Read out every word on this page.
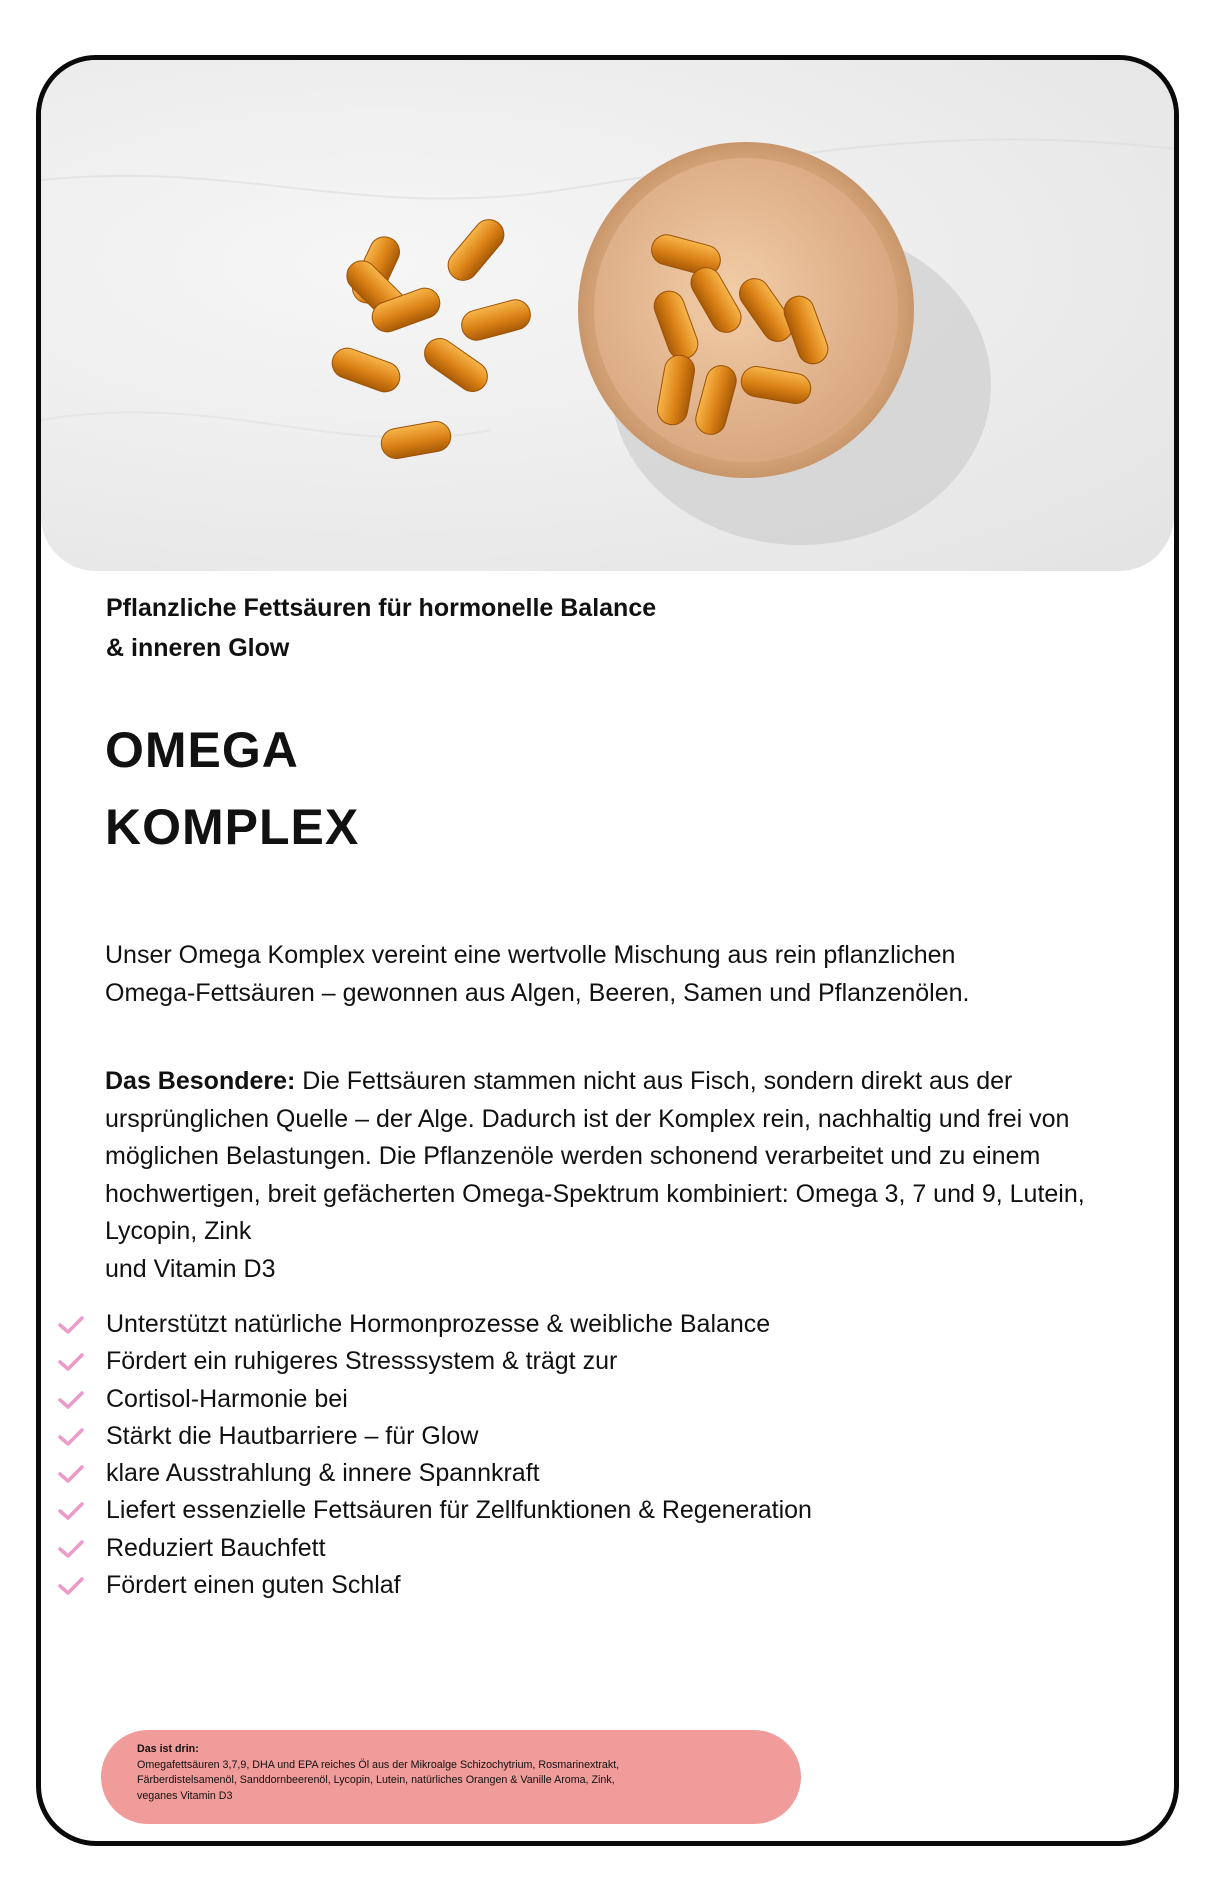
Pflanzliche Fettsäuren für hormonelle Balance
& inneren Glow
OMEGA
KOMPLEX
Unser Omega Komplex vereint eine wertvolle Mischung aus rein pflanzlichen
Omega-Fettsäuren – gewonnen aus Algen, Beeren, Samen und Pflanzenölen.
Das Besondere: Die Fettsäuren stammen nicht aus Fisch, sondern direkt aus der ursprünglichen Quelle – der Alge. Dadurch ist der Komplex rein, nachhaltig und frei von möglichen Belastungen. Die Pflanzenöle werden schonend verarbeitet und zu einem hochwertigen, breit gefächerten Omega-Spektrum kombiniert: Omega 3, 7 und 9, Lutein, Lycopin, Zink
und Vitamin D3
Unterstützt natürliche Hormonprozesse & weibliche Balance
Fördert ein ruhigeres Stresssystem & trägt zur
Cortisol-Harmonie bei
Stärkt die Hautbarriere – für Glow
klare Ausstrahlung & innere Spannkraft
Liefert essenzielle Fettsäuren für Zellfunktionen & Regeneration
Reduziert Bauchfett
Fördert einen guten Schlaf
Das ist drin:
Omegafettsäuren 3,7,9, DHA und EPA reiches Öl aus der Mikroalge Schizochytrium, Rosmarinextrakt,
Färberdistelsamenöl, Sanddornbeerenöl, Lycopin, Lutein, natürliches Orangen & Vanille Aroma, Zink,
veganes Vitamin D3
